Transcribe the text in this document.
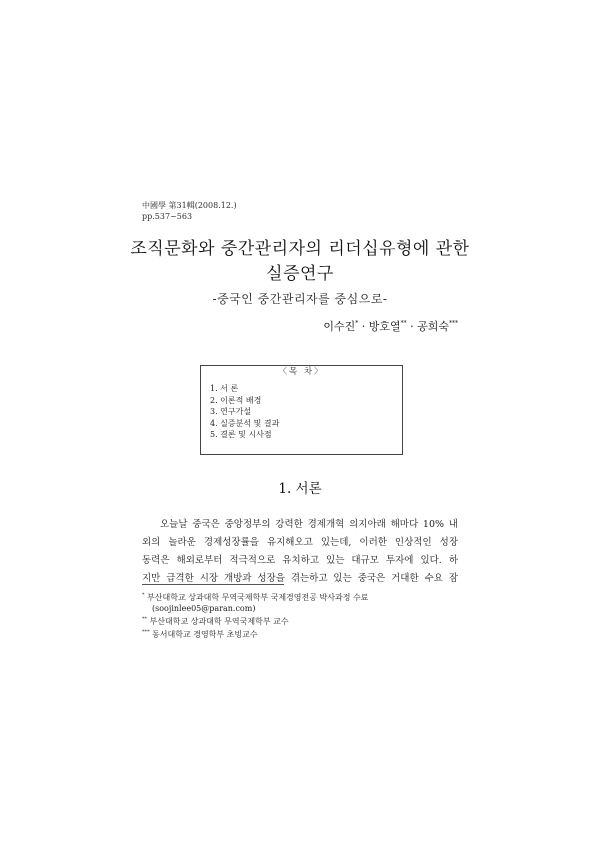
中國學 第31輯(2008.12.)
pp.537~563
조직문화와 중간관리자의 리더십유형에 관한
실증연구
-중국인 중간관리자를 중심으로-
이수진* · 방호열** · 공희숙***
〈목 차〉
1. 서 론
2. 이론적 배경
3. 연구가설
4. 실증분석 및 결과
5. 결론 및 시사점
1. 서론
오늘날 중국은 중앙정부의 강력한 경제개혁 의지아래 해마다 10% 내
외의 놀라운 경제성장률을 유지해오고 있는데, 이러한 인상적인 성장
동력은 해외로부터 적극적으로 유치하고 있는 대규모 투자에 있다. 하
지만 급격한 시장 개방과 성장을 겪는하고 있는 중국은 거대한 수요 잠
* 부산대학교 상과대학 무역국제학부 국제경영전공 박사과정 수료
(soojinlee05@paran.com)
** 부산대학교 상과대학 무역국제학부 교수
*** 동서대학교 경영학부 초빙교수
